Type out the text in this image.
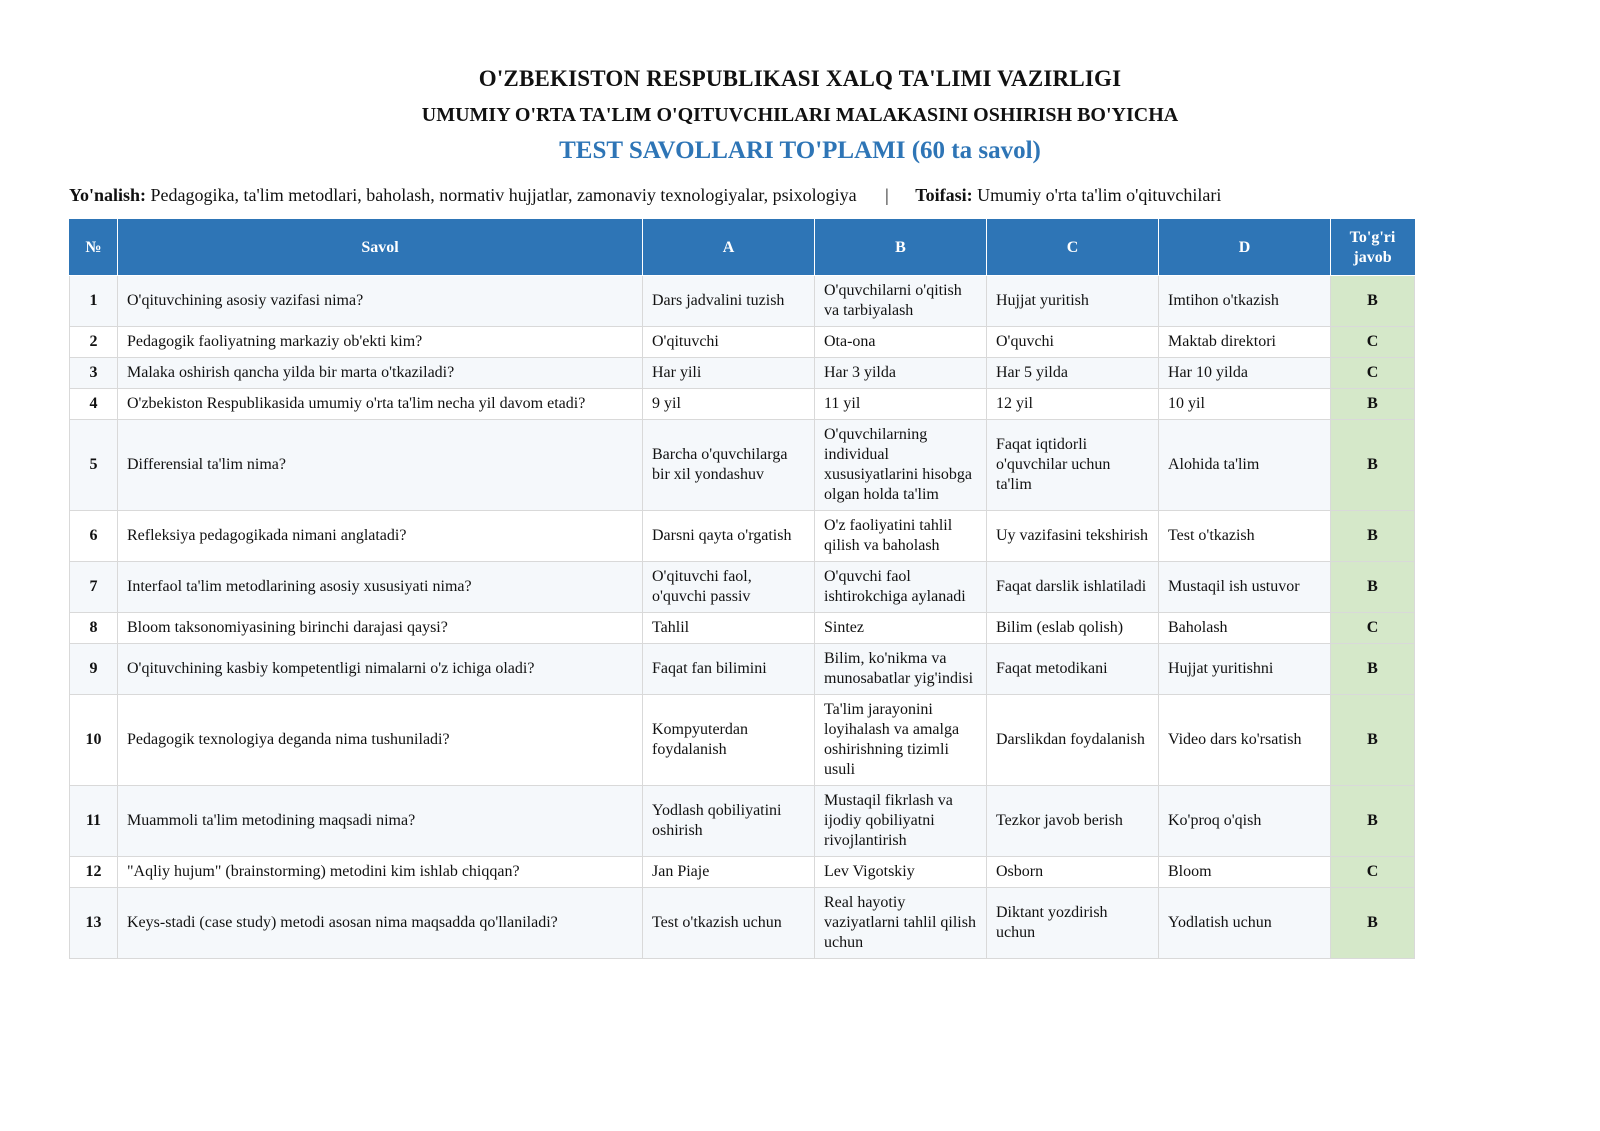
O'ZBEKISTON RESPUBLIKASI XALQ TA'LIMI VAZIRLIGI
UMUMIY O'RTA TA'LIM O'QITUVCHILARI MALAKASINI OSHIRISH BO'YICHA
TEST SAVOLLARI TO'PLAMI (60 ta savol)
Yo'nalish: Pedagogika, ta'lim metodlari, baholash, normativ hujjatlar, zamonaviy texnologiyalar, psixologiya | Toifasi: Umumiy o'rta ta'lim o'qituvchilari
№	Savol	A	B	C	D	To'g'ri javob
1	O'qituvchining asosiy vazifasi nima?	Dars jadvalini tuzish	O'quvchilarni o'qitish va tarbiyalash	Hujjat yuritish	Imtihon o'tkazish	B
2	Pedagogik faoliyatning markaziy ob'ekti kim?	O'qituvchi	Ota-ona	O'quvchi	Maktab direktori	C
3	Malaka oshirish qancha yilda bir marta o'tkaziladi?	Har yili	Har 3 yilda	Har 5 yilda	Har 10 yilda	C
4	O'zbekiston Respublikasida umumiy o'rta ta'lim necha yil davom etadi?	9 yil	11 yil	12 yil	10 yil	B
5	Differensial ta'lim nima?	Barcha o'quvchilarga bir xil yondashuv	O'quvchilarning individual xususiyatlarini hisobga olgan holda ta'lim	Faqat iqtidorli o'quvchilar uchun ta'lim	Alohida ta'lim	B
6	Refleksiya pedagogikada nimani anglatadi?	Darsni qayta o'rgatish	O'z faoliyatini tahlil qilish va baholash	Uy vazifasini tekshirish	Test o'tkazish	B
7	Interfaol ta'lim metodlarining asosiy xususiyati nima?	O'qituvchi faol, o'quvchi passiv	O'quvchi faol ishtirokchiga aylanadi	Faqat darslik ishlatiladi	Mustaqil ish ustuvor	B
8	Bloom taksonomiyasining birinchi darajasi qaysi?	Tahlil	Sintez	Bilim (eslab qolish)	Baholash	C
9	O'qituvchining kasbiy kompetentligi nimalarni o'z ichiga oladi?	Faqat fan bilimini	Bilim, ko'nikma va munosabatlar yig'indisi	Faqat metodikani	Hujjat yuritishni	B
10	Pedagogik texnologiya deganda nima tushuniladi?	Kompyuterdan foydalanish	Ta'lim jarayonini loyihalash va amalga oshirishning tizimli usuli	Darslikdan foydalanish	Video dars ko'rsatish	B
11	Muammoli ta'lim metodining maqsadi nima?	Yodlash qobiliyatini oshirish	Mustaqil fikrlash va ijodiy qobiliyatni rivojlantirish	Tezkor javob berish	Ko'proq o'qish	B
12	"Aqliy hujum" (brainstorming) metodini kim ishlab chiqqan?	Jan Piaje	Lev Vigotskiy	Osborn	Bloom	C
13	Keys-stadi (case study) metodi asosan nima maqsadda qo'llaniladi?	Test o'tkazish uchun	Real hayotiy vaziyatlarni tahlil qilish uchun	Diktant yozdirish uchun	Yodlatish uchun	B
